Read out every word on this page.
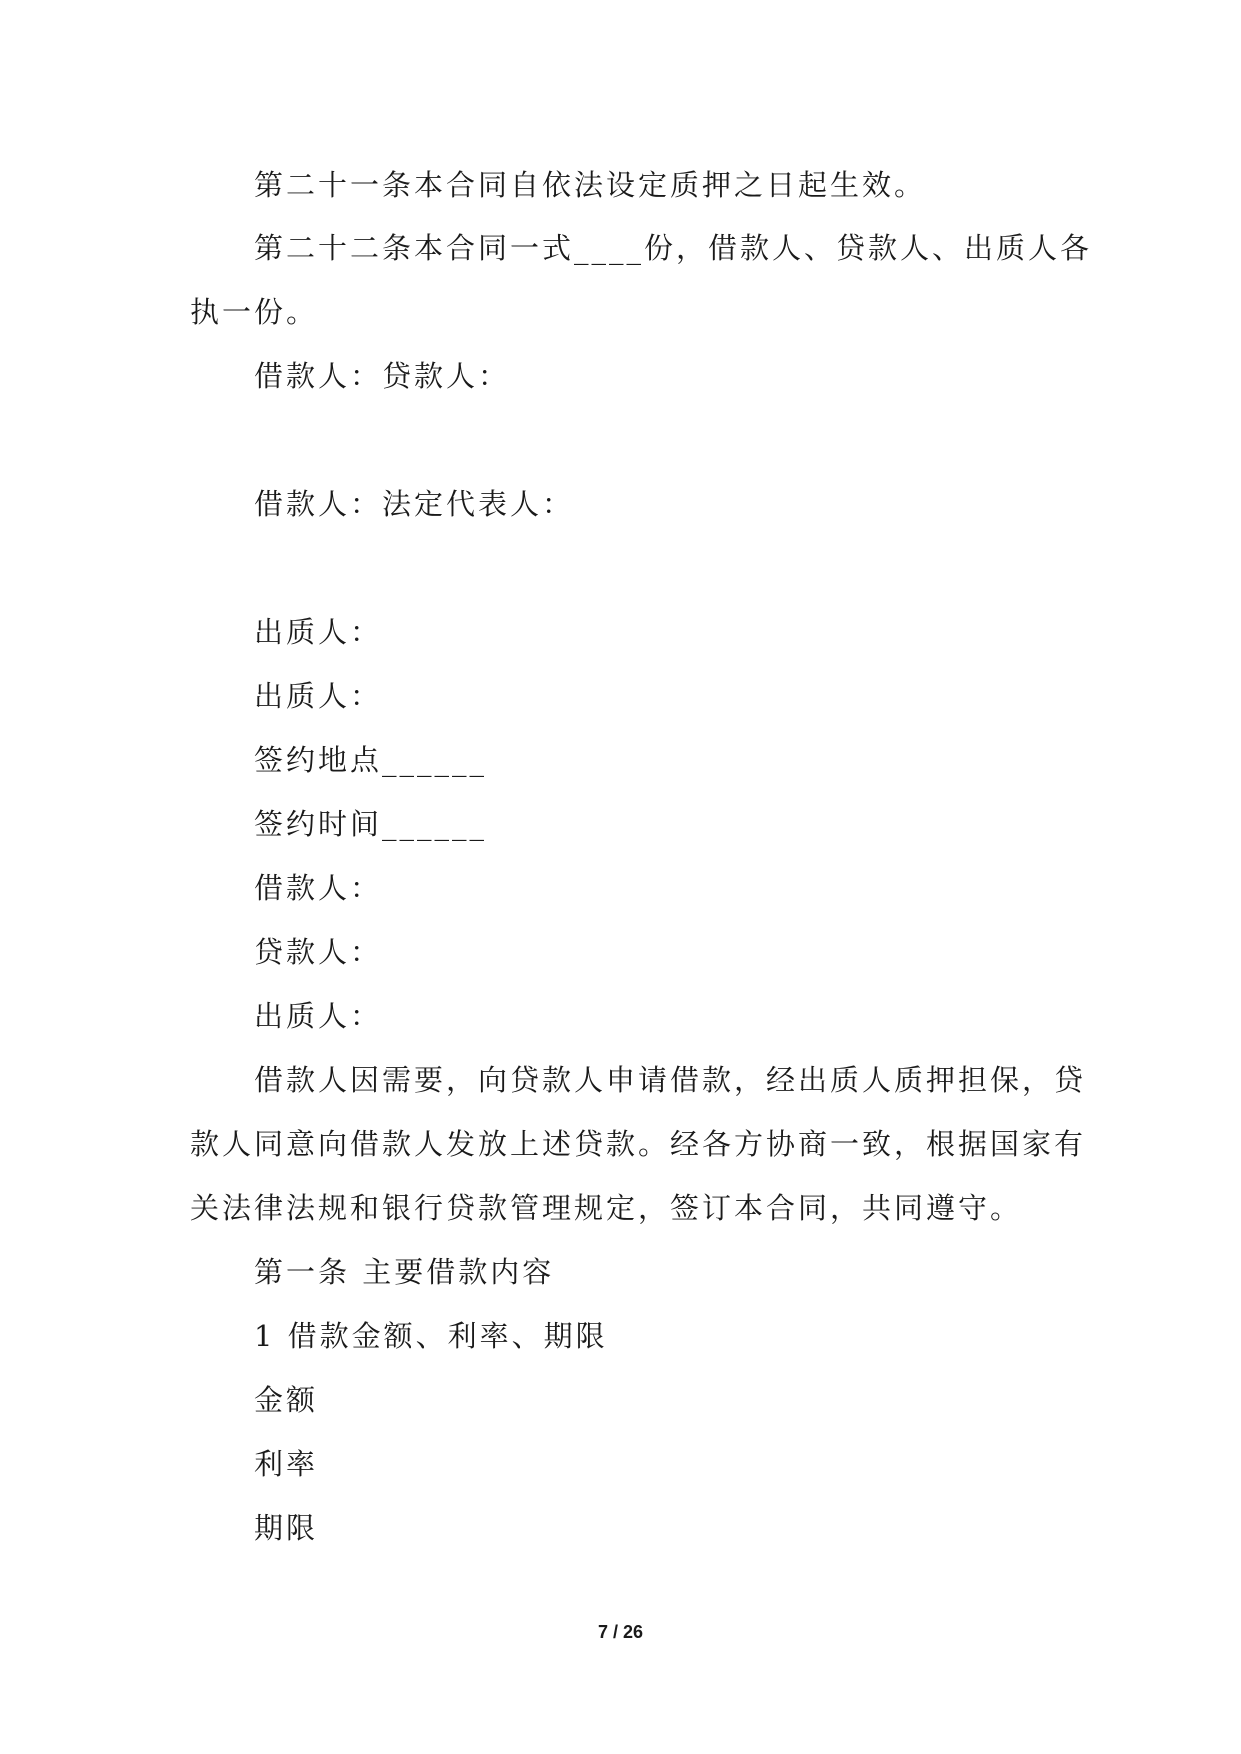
第二十一条本合同自依法设定质押之日起生效。
第二十二条本合同一式____份，借款人、贷款人、出质人各
执一份。
借款人：贷款人：
借款人：法定代表人：
出质人：
出质人：
签约地点______
签约时间______
借款人：
贷款人：
出质人：
借款人因需要，向贷款人申请借款，经出质人质押担保，贷
款人同意向借款人发放上述贷款。经各方协商一致，根据国家有
关法律法规和银行贷款管理规定，签订本合同，共同遵守。
第一条 主要借款内容
1 借款金额、利率、期限
金额
利率
期限
7 / 26
